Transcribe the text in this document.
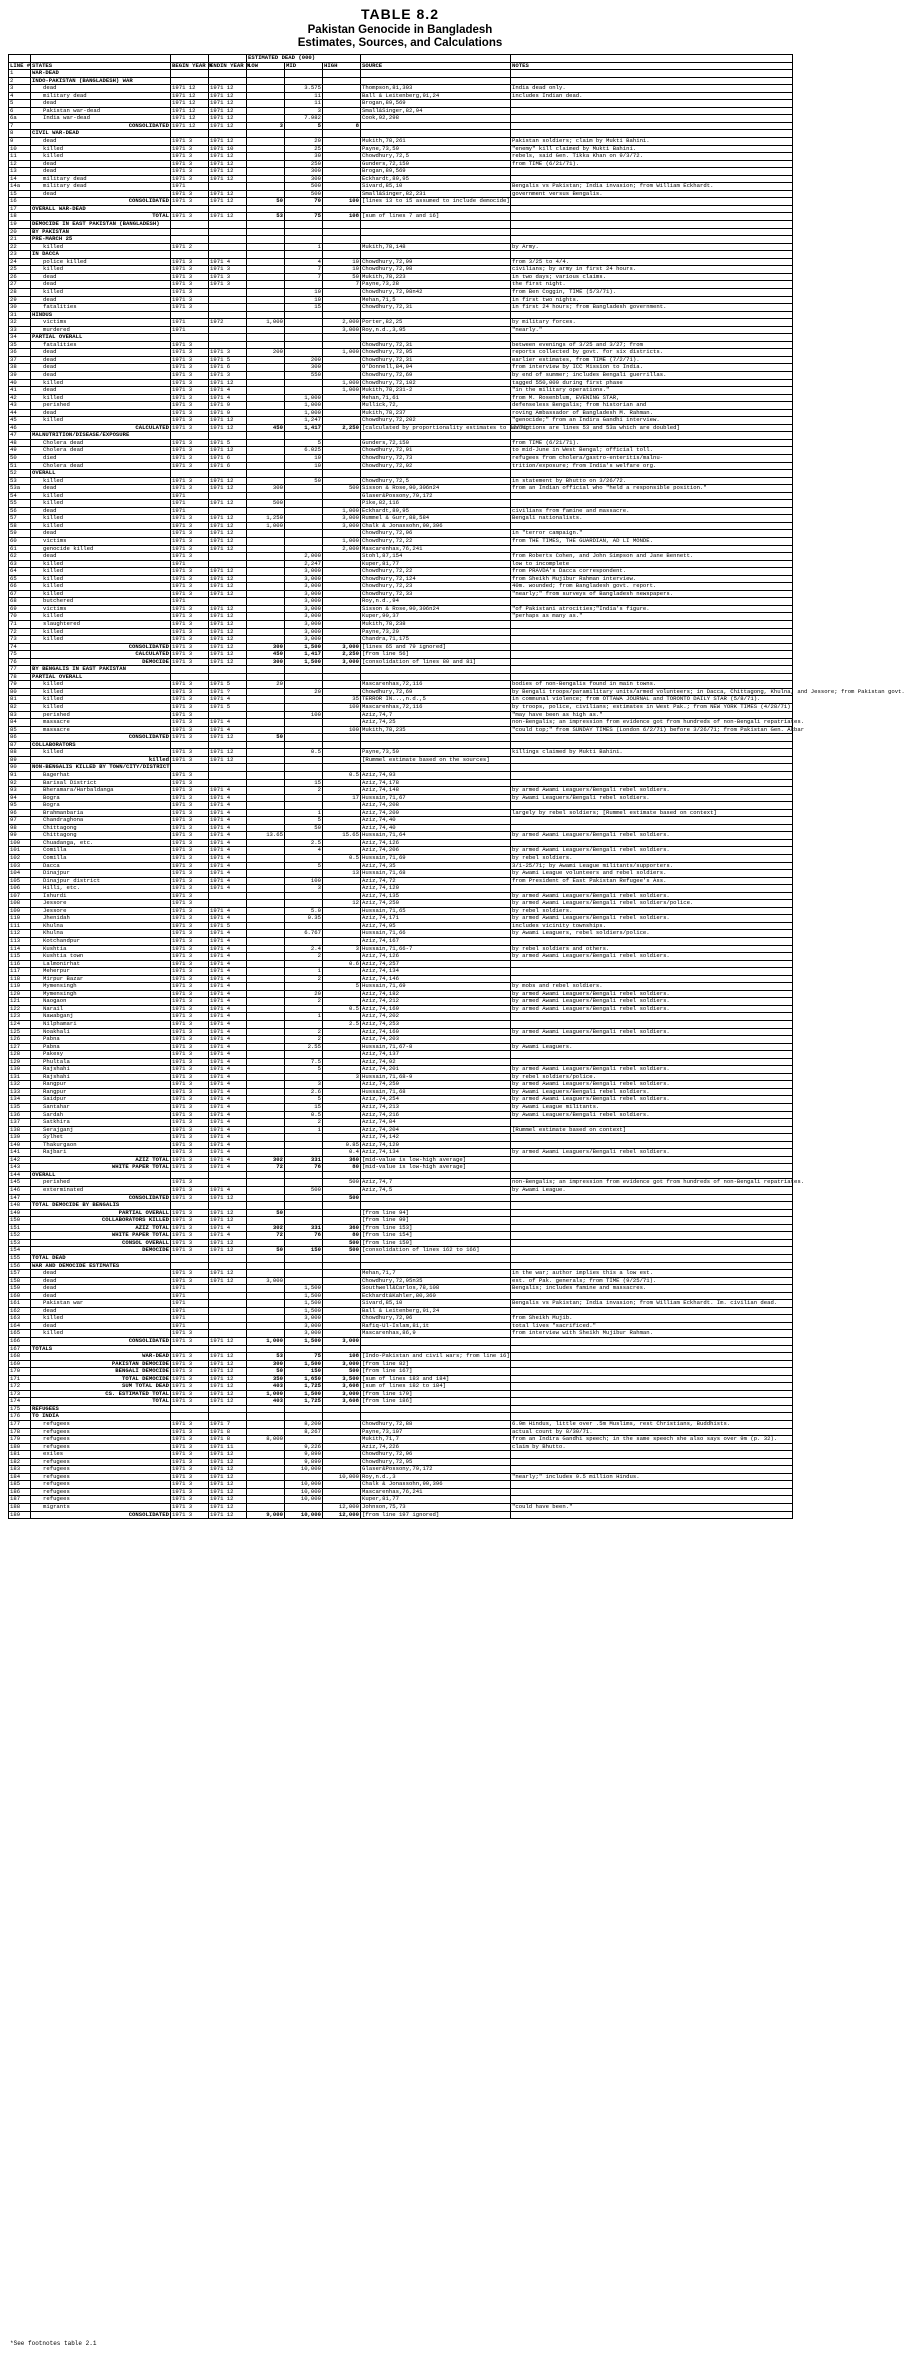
TABLE 8.2
Pakistan Genocide in Bangladesh
Estimates, Sources, and Calculations
				ESTIMATED DEAD (000)				
LINE #	STATES	BEGIN YEAR M	ENDIN YEAR M	LOW	MID	HIGH	SOURCE	NOTES
1	WAR-DEAD							
2	INDO-PAKISTAN (BANGLADESH) WAR							
3	dead	1971 12	1971 12		3.575		Thompson,81,303	India dead only.
4	military dead	1971 12	1971 12		11		Ball & Leitenberg,91,24	includes Indian dead.
5	dead	1971 12	1971 12		11		Brogan,89,569	
6	Pakistan war-dead	1971 12	1971 12		3		Small&Singer,82,94	
6a	India war-dead	1971 12	1971 12		7.982		Cook,92,298	
7	CONSOLIDATED	1971 12	1971 12	3	5	8		
8	CIVIL WAR-DEAD							
9	dead	1971 3	1971 12		20		Mukith,78,261	Pakistan soldiers; claim by Mukti Bahini.
10	killed	1971 3	1971 10		25		Payne,73,59	"enemy" kill claimed by Mukti Bahini.
11	killed	1971 3	1971 12		30		Chowdhury,72,5	rebels, said Gen. Tikka Khan on 9/3/72.
12	dead	1971 3	1971 12		250		Gunders,72,150	from TIME (6/21/71).
13	dead	1971 3	1971 12		300		Brogan,89,569	
14	military dead	1971 3	1971 12		300		Eckhardt,89,95	
14a	military dead	1971			500		Sivard,85,10	Bengalis vs Pakistan; India invasion; from William Eckhardt.
15	dead	1971 3	1971 12		500		Small&Singer,82,231	government versus Bengalis.
16	CONSOLIDATED	1971 3	1971 12	50	70	100	[lines 13 to 15 assumed to include democide]	
17	OVERALL WAR-DEAD							
18	TOTAL	1971 3	1971 12	53	75	108	[sum of lines 7 and 16]	
19	DEMOCIDE IN EAST PAKISTAN (BANGLADESH)							
20	BY PAKISTAN							
21	PRE-MARCH 25							
22	killed	1971 2			1		Mukith,78,148	by Army.
23	IN DACCA							
24	police killed	1971 3	1971 4		4	10	Chowdhury,72,99	from 3/25 to 4/4.
25	killed	1971 3	1971 3		7	10	Chowdhury,72,98	civilians; by army in first 24 hours.
26	dead	1971 3	1971 3		7	50	Mukith,78,223	in two days; various claims.
27	dead	1971 3	1971 3			7	Payne,73,28	the first night.
28	killed	1971 3			10		Chowdhury,72,98n42	from Ben Coggin, TIME (5/3/71).
29	dead	1971 3			10		Mehan,71,5	in first two nights.
30	fatalities	1971 3			15		Chowdhury,72,31	in first 24 hours; from Bangladesh government.
31	HINDUS							
32	victims	1971	1972	1,000		2,000	Porter,82,25	by military forces.
33	murdered	1971				3,000	Roy,n.d.,3,95	"nearly."
34	PARTIAL OVERALL							
35	fatalities	1971 3					Chowdhury,72,31	between evenings of 3/25 and 3/27; from
36	dead	1971 3	1971 3	200		1,000	Chowdhury,72,95	reports collected by govt. for six districts.
37	dead	1971 3	1971 5		200		Chowdhury,72,31	earlier estimates, from TIME (7/2/71).
38	dead	1971 3	1971 6		300		O'Donnell,84,94	from interview by ICC Mission to India.
39	dead	1971 3	1971 3		550		Chowdhury,72,69	by end of summer; includes Bengali guerrillas.
40	killed	1971 3	1971 12			1,000	Chowdhury,72,102	tagged 550,000 during first phase
41	dead	1971 3	1971 4			1,000	Mukith,78,231-2	"in the military operations."
42	killed	1971 3	1971 4		1,000		Mehan,71,61	from M. Rosenblum, EVENING STAR,
43	perished	1971 3	1971 9		1,000		Mullick,72,	defenseless Bengalis; from historian and
44	dead	1971 3	1971 9		1,000		Mukith,78,237	roving Ambassador of Bangladesh M. Rahman.
45	killed	1971 3	1971 12		1,247		Chowdhury,72,202	"genocide;" from an Indira Gandhi interview.
46	CALCULATED	1971 3	1971 12	450	1,417	2,250	[calculated by proportionality estimates to 12/71;	exceptions are lines 53 and 53a which are doubled]
47	MALNUTRITION/DISEASE/EXPOSURE							
48	Cholera dead	1971 3	1971 5		5		Gunders,72,150	from TIME (6/21/71).
49	Cholera dead	1971 3	1971 12		6.025		Chowdhury,72,91	to mid-June in West Bengal; official toll.
50	died	1971 3	1971 6		10		Chowdhury,72,73	refugees from cholera/gastro-enteritis/malnu-
51	Cholera dead	1971 3	1971 6		10		Chowdhury,72,92	trition/exposure; from India's welfare org.
52	OVERALL							
53	killed	1971 3	1971 12		50		Chowdhury,72,5	in statement by Bhutto on 3/26/72.
53a	dead	1971 3	1971 12	300		500	Sisson & Rose,90,306n24	from an Indian official who "held a responsible position."
54	killed	1971					Glaser&Possony,79,172	
55	killed	1971	1971 12	500			Pike,82,116	
56	dead	1971				1,000	Eckhardt,89,95	civilians from famine and massacre.
57	killed	1971 3	1971 12	1,250		3,000	Rummel & Gurr,88,584	Bengali nationalists.
58	killed	1971 3	1971 12	1,000		3,000	Chalk & Jonassohn,90,396	
59	dead	1971 3	1971 12				Chowdhury,72,96	in "terror campaign."
60	victims	1971 3	1971 12			1,000	Chowdhury,72,22	from THE TIMES, THE GUARDIAN, AD LI MONDE.
61	genocide killed	1971 3	1971 12			2,000	Mascarenhas,76,241	
62	dead	1971 3			2,000		Stohl,87,154	from Roberts Cohen, and John Simpson and Jane Bennett.
63	killed	1971			2,247		Kuper,81,77	low to incomplete
64	killed	1971 3	1971 12		3,000		Chowdhury,72,22	from PRAVDA's Dacca correspondent.
65	killed	1971 3	1971 12		3,000		Chowdhury,72,124	from Sheikh Mujibur Rahman interview.
66	killed	1971 3	1971 12		3,000		Chowdhury,72,23	40m. wounded; from Bangladesh govt. report.
67	killed	1971 3	1971 12		3,000		Chowdhury,72,33	"nearly;" from surveys of Bangladesh newspapers.
68	butchered	1971			3,000		Roy,n.d.,94	
69	victims	1971 3	1971 12		3,000		Sisson & Rose,90,306n24	"of Pakistani atrocities;"India's figure.
70	killed	1971 3	1971 12		3,000		Kuper,90,37	"perhaps as many as."
71	slaughtered	1971 3	1971 12		3,000		Mukith,78,238	
72	killed	1971 3	1971 12		3,000		Payne,73,29	
73	killed	1971 3	1971 12		3,000		Chandra,71,175	
74	CONSOLIDATED	1971 3	1971 12	300	1,500	3,000	[lines 65 and 79 ignored]	
75	CALCULATED	1971 3	1971 12	450	1,417	2,250	[from line 56]	
76	DEMOCIDE	1971 3	1971 12	300	1,500	3,000	[consolidation of lines 80 and 81]	
77	BY BENGALIS IN EAST PAKISTAN							
78	PARTIAL OVERALL							
79	killed	1971 3	1971 5	20			Mascarenhas,72,116	bodies of non-Bengalis found in main towns.
80	killed	1971 3	1971 ?		20		Chowdhury,72,69	by Bengali troops/paramilitary units/armed volunteers; in Dacca, Chittagong, Khulna, and Jessore; from Pakistan govt.
81	killed	1971 3	1971 4			35	TERROR IN...,n.d.,5	in communal violence; from OTTAWA JOURNAL and TORONTO DAILY STAR (5/8/71).
82	killed	1971 3	1971 5			100	Mascarenhas,72,116	by troops, police, civilians; estimates in West Pak.; from NEW YORK TIMES (4/28/71).
83	perished	1971 3			100		Aziz,74,7	"may have been as high as."
84	massacre	1971 3	1971 4				Aziz,74,25	non-Bengalis; an impression from evidence got from hundreds of non-Bengali repatriates.
85	massacre	1971 3	1971 4			100	Mukith,78,235	"could top;" from SUNDAY TIMES (London 6/2/71) before 3/26/71; from Pakistan Gen. Akbar
86	CONSOLIDATED	1971 3	1971 12	50				
87	COLLABORATORS							
88	killed	1971 3	1971 12		0.5		Payne,73,59	killings claimed by Mukti Bahini.
89	killed	1971 3	1971 12				[Rummel estimate based on the sources]	
90	NON-BENGALIS KILLED BY TOWN/CITY/DISTRICT							
91	Bagerhat	1971 3				0.5	Aziz,74,93	
92	Barisal District	1971 3			15		Aziz,74,178	
93	Bheramara/Harbaldanga	1971 3	1971 4		2		Aziz,74,148	by armed Awami Leaguers/Bengali rebel soldiers.
94	Bogra	1971 3	1971 4			17	Hussain,71,67	by Awami Leaguers/Bengali rebel soldiers.
95	Bogra	1971 3	1971 4				Aziz,74,208	
96	Brahmanbaria	1971 3	1971 4		1		Aziz,74,209	largely by rebel soldiers; [Rummel estimate based on context]
97	Chandraghona	1971 3	1971 4		5		Aziz,74,40	
98	Chittagong	1971 3	1971 4		50		Aziz,74,40	
99	Chittagong	1971 3	1971 4	13.65		15.65	Hussain,71,64	by armed Awami Leaguers/Bengali rebel soldiers.
100	Chuadanga, etc.	1971 3	1971 4		2.5		Aziz,74,126	
101	Comilla	1971 3	1971 4		4		Aziz,74,206	by armed Awami Leaguers/Bengali rebel soldiers.
102	Comilla	1971 3	1971 4			0.5	Hussain,71,69	by rebel soldiers.
103	Dacca	1971 3	1971 4		5		Aziz,74,35	3/1-25/71; by Awami League militants/supporters.
104	Dinajpur	1971 3	1971 4			13	Hussain,71,68	by Awami League volunteers and rebel soldiers.
105	Dinajpur district	1971 3	1971 4		100		Aziz,74,72	from President of East Pakistan Refugee's Ass.
106	Hilli, etc.	1971 3	1971 4		3		Aziz,74,120	
107	Ishurdi	1971 3					Aziz,74,135	by armed Awami Leaguers/Bengali rebel soldiers.
108	Jessore	1971 3				12	Aziz,74,250	by armed Awami Leaguers/Bengali rebel soldiers/police.
109	Jessore	1971 3	1971 4		5.0		Hussain,71,65	by rebel soldiers.
110	Jhenidah	1971 3	1971 4		0.35		Aziz,74,171	by armed Awami Leaguers/Bengali rebel soldiers.
111	Khulna	1971 3	1971 5				Aziz,74,95	includes vicinity townships.
112	Khulna	1971 3	1971 4		6.767		Hussain,71,66	by Awami Leaguers, rebel soldiers/police.
113	Kotchandpur	1971 3	1971 4				Aziz,74,167	
114	Kushtia	1971 3	1971 4		2.4	3	Hussain,71,66-7	by rebel soldiers and others.
115	Kushtia town	1971 3	1971 4		2		Aziz,74,126	by armed Awami Leaguers/Bengali rebel soldiers.
116	Lalmonirhat	1971 3	1971 4			0.6	Aziz,74,257	
117	Meherpur	1971 3	1971 4		1		Aziz,74,134	
118	Mirpur Bazar	1971 3	1971 4		2		Aziz,74,146	
119	Mymensingh	1971 3	1971 4			5	Hussain,71,69	by mobs and rebel soldiers.
120	Mymensingh	1971 3	1971 4		20		Aziz,74,182	by armed Awami Leaguers/Bengali rebel soldiers.
121	Naogaon	1971 3	1971 4		2		Aziz,74,212	by armed Awami Leaguers/Bengali rebel soldiers.
122	Narail	1971 3	1971 4			0.5	Aziz,74,169	by armed Awami Leaguers/Bengali rebel soldiers.
123	Nawabganj	1971 3	1971 4		1		Aziz,74,202	
124	Nilphamari	1971 3	1971 4			2.5	Aziz,74,253	
125	Noakhali	1971 3	1971 4		2		Aziz,74,160	by armed Awami Leaguers/Bengali rebel soldiers.
126	Pabna	1971 3	1971 4		2		Aziz,74,203	
127	Pabna	1971 3	1971 4		2.55		Hussain,71,67-8	by Awami Leaguers.
128	Pakesy	1971 3	1971 4				Aziz,74,137	
129	Phultala	1971 3	1971 4		7.5		Aziz,74,92	
130	Rajshahi	1971 3	1971 4		5		Aziz,74,201	by armed Awami Leaguers/Bengali rebel soldiers.
131	Rajshahi	1971 3	1971 4			3	Hussain,71,68-9	by rebel soldiers/police.
132	Rangpur	1971 3	1971 4		3		Aziz,74,250	by armed Awami Leaguers/Bengali rebel soldiers.
133	Rangpur	1971 3	1971 4		2.6		Hussain,71,68	by Awami Leaguers/Bengali rebel soldiers.
134	Saidpur	1971 3	1971 4		5		Aziz,74,254	by armed Awami Leaguers/Bengali rebel soldiers.
135	Santahar	1971 3	1971 4		15		Aziz,74,213	by Awami League militants.
136	Sardah	1971 3	1971 4		0.5		Aziz,74,216	by Awami Leaguers/Bengali rebel soldiers.
137	Satkhira	1971 3	1971 4		2		Aziz,74,84	
138	Serajganj	1971 3	1971 4		1		Aziz,74,204	[Rummel estimate based on context]
139	Sylhet	1971 3	1971 4				Aziz,74,142	
140	Thakurgaon	1971 3	1971 4			0.85	Aziz,74,120	
141	Rajbari	1971 3	1971 4			0.4	Aziz,74,134	by armed Awami Leaguers/Bengali rebel soldiers.
142	AZIZ TOTAL	1971 3	1971 4	302	331	360	[mid-value is low-high average]	
143	WHITE PAPER TOTAL	1971 3	1971 4	72	76	80	[mid-value is low-high average]	
144	OVERALL							
145	perished	1971 3				500	Aziz,74,7	non-Bengalis; an impression from evidence got from hundreds of non-Bengali repatriates.
146	exterminated	1971 3	1971 4		500		Aziz,74,5	by Awami League.
147	CONSOLIDATED	1971 3	1971 12			500		
148	TOTAL DEMOCIDE BY BENGALIS							
149	PARTIAL OVERALL	1971 3	1971 12	50			[from line 94]	
150	COLLABORATORS KILLED	1971 3	1971 12				[from line 99]	
151	AZIZ TOTAL	1971 3	1971 4	302	331	360	[from line 153]	
152	WHITE PAPER TOTAL	1971 3	1971 4	72	76	80	[from line 154]	
153	CONSOL OVERALL	1971 3	1971 12			500	[from line 159]	
154	DEMOCIDE	1971 3	1971 12	50	150	500	[consolidation of lines 162 to 166]	
155	TOTAL DEAD							
156	WAR AND DEMOCIDE ESTIMATES							
157	dead	1971 3	1971 12				Mehan,71,7	in the war; author implies this a low est.
158	dead	1971 3	1971 12	3,000			Chowdhury,72,95n35	est. of Pak. generals; from TIME (9/25/71).
159	dead	1971			1,500		Southwell&Carlos,78,108	Bengalis; includes famine and massacres.
160	dead	1971			1,500		Eckhardt&Kahler,80,360	
161	Pakistan war	1971			1,500		Sivard,85,10	Bengalis vs Pakistan; India invasion; from William Eckhardt. Im. civilian dead.
162	dead	1971			1,500		Ball & Leitenberg,91,24	
163	killed	1971			3,000		Chowdhury,72,96	from Sheikh Mujib.
164	dead	1971			3,000		Rafiq-Ul-Islam,81,1t	total lives "sacrificed."
165	killed	1971 3			3,000		Mascarenhas,86,9	from interview with Sheikh Mujibur Rahman.
166	CONSOLIDATED	1971 3	1971 12	1,000	1,500	3,000		
167	TOTALS							
168	WAR-DEAD	1971 3	1971 12	53	75	108	[Indo-Pakistan and civil wars; from line 16]	
169	PAKISTAN DEMOCIDE	1971 3	1971 12	300	1,500	3,000	[from line 82]	
170	BENGALI DEMOCIDE	1971 3	1971 12	50	150	500	[from line 167]	
171	TOTAL DEMOCIDE	1971 3	1971 12	350	1,650	3,500	[sum of lines 183 and 184]	
172	SUM TOTAL DEAD	1971 3	1971 12	403	1,725	3,608	[sum of lines 182 to 184]	
173	CS. ESTIMATED TOTAL	1971 3	1971 12	1,000	1,500	3,000	[from line 179]	
174	TOTAL	1971 3	1971 12	403	1,725	3,608	[from line 186]	
175	REFUGEES							
176	TO INDIA							
177	refugees	1971 3	1971 7		8,200		Chowdhury,72,88	6.9m Hindus, little over .5m Muslims, rest Christians, Buddhists.
178	refugees	1971 3	1971 8		8,267		Payne,73,107	actual count by 8/30/71.
179	refugees	1971 3	1971 8	8,000			Mukith,71,7	from an Indira Gandhi speech; in the same speech she also says over 9m (p. 32).
180	refugees	1971 3	1971 11		9,226		Aziz,74,226	claim by Bhutto.
181	exiles	1971 3	1971 12		9,890		Chowdhury,72,96	
182	refugees	1971 3	1971 12		9,899		Chowdhury,72,95	
183	refugees	1971 3	1971 12		10,000		Glaser&Possony,79,172	
184	refugees	1971 3	1971 12			10,000	Roy,n.d.,3	"nearly;" includes 9.5 million Hindus.
185	refugees	1971 3	1971 12		10,000		Chalk & Jonassohn,90,396	
186	refugees	1971 3	1971 12		10,000		Mascarenhas,76,241	
187	refugees	1971 3	1971 12		10,000		Kuper,81,77	
188	migrants	1971 3	1971 12			12,000	Johnson,75,73	"could have been."
189	CONSOLIDATED	1971 3	1971 12	9,000	10,000	12,000	[from line 197 ignored]	
*See footnotes table 2.1
